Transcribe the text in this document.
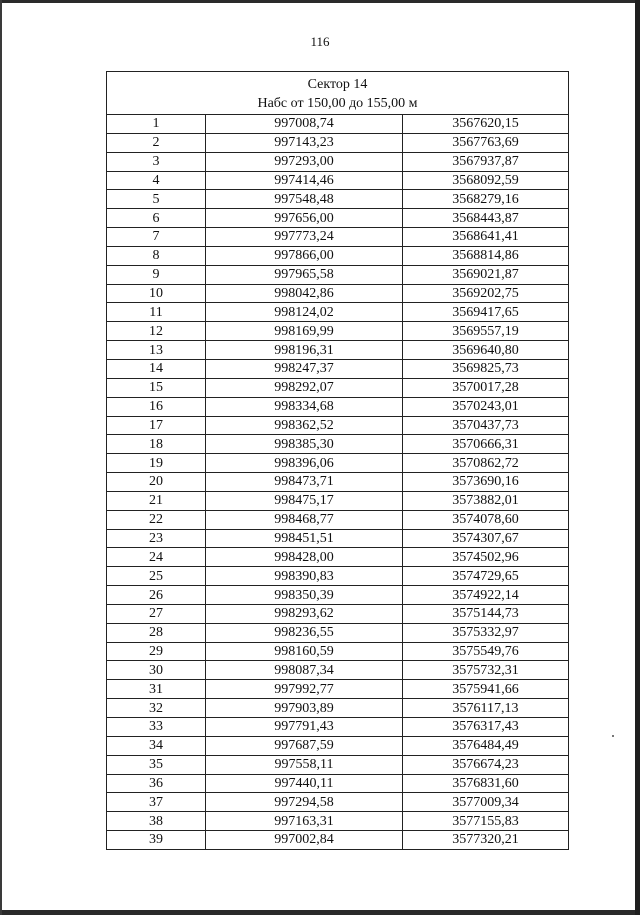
116
Сектор 14
Набс от 150,00 до 155,00 м		

1	997008,74	3567620,15
2	997143,23	3567763,69
3	997293,00	3567937,87
4	997414,46	3568092,59
5	997548,48	3568279,16
6	997656,00	3568443,87
7	997773,24	3568641,41
8	997866,00	3568814,86
9	997965,58	3569021,87
10	998042,86	3569202,75
11	998124,02	3569417,65
12	998169,99	3569557,19
13	998196,31	3569640,80
14	998247,37	3569825,73
15	998292,07	3570017,28
16	998334,68	3570243,01
17	998362,52	3570437,73
18	998385,30	3570666,31
19	998396,06	3570862,72
20	998473,71	3573690,16
21	998475,17	3573882,01
22	998468,77	3574078,60
23	998451,51	3574307,67
24	998428,00	3574502,96
25	998390,83	3574729,65
26	998350,39	3574922,14
27	998293,62	3575144,73
28	998236,55	3575332,97
29	998160,59	3575549,76
30	998087,34	3575732,31
31	997992,77	3575941,66
32	997903,89	3576117,13
33	997791,43	3576317,43
34	997687,59	3576484,49
35	997558,11	3576674,23
36	997440,11	3576831,60
37	997294,58	3577009,34
38	997163,31	3577155,83
39	997002,84	3577320,21
